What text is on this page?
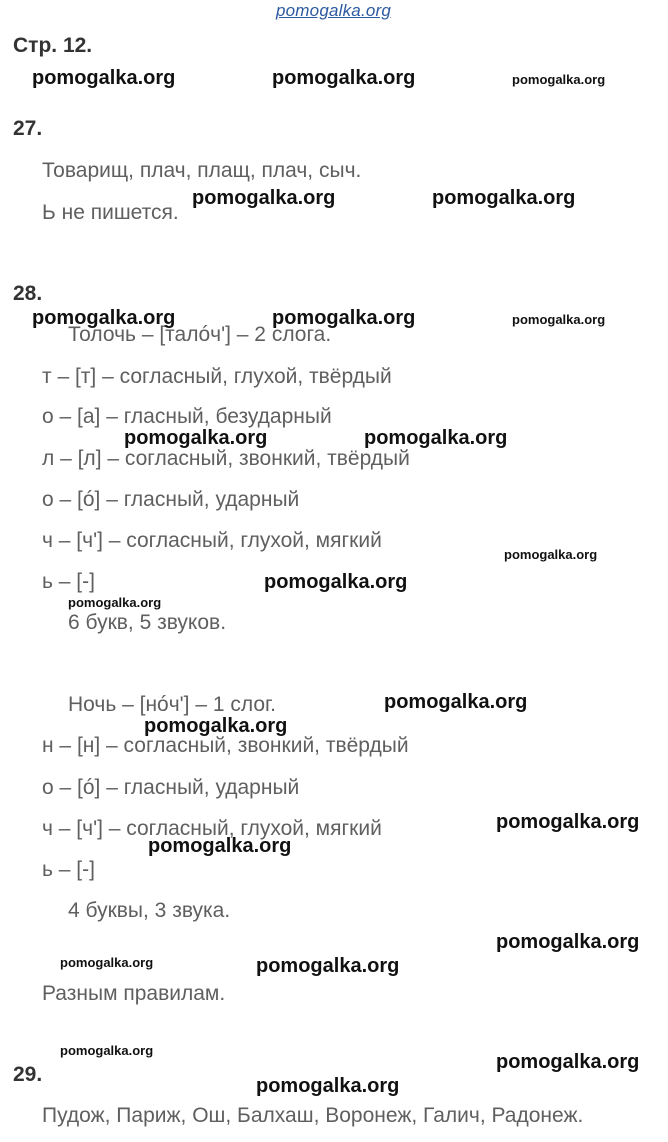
pomogalka.org
Стр. 12.
27.
Товарищ, плач, плащ, плач, сыч.
Ь не пишется.
28.
Толочь – [талóч'] – 2 слога.
т – [т] – согласный, глухой, твёрдый
о – [а] – гласный, безударный
л – [л] – согласный, звонкий, твёрдый
о – [ó] – гласный, ударный
ч – [ч'] – согласный, глухой, мягкий
ь – [-]
6 букв, 5 звуков.
Ночь – [нóч'] – 1 слог.
н – [н] – согласный, звонкий, твёрдый
о – [ó] – гласный, ударный
ч – [ч'] – согласный, глухой, мягкий
ь – [-]
4 буквы, 3 звука.
Разным правилам.
29.
Пудож, Париж, Ош, Балхаш, Воронеж, Галич, Радонеж.
pomogalka.org	pomogalka.org	pomogalka.org
pomogalka.org	pomogalka.org
pomogalka.org	pomogalka.org	pomogalka.org
pomogalka.org	pomogalka.org
pomogalka.org
pomogalka.org
pomogalka.org
pomogalka.org
pomogalka.org
pomogalka.org
pomogalka.org
pomogalka.org
pomogalka.org	pomogalka.org
pomogalka.org
pomogalka.org
pomogalka.org
